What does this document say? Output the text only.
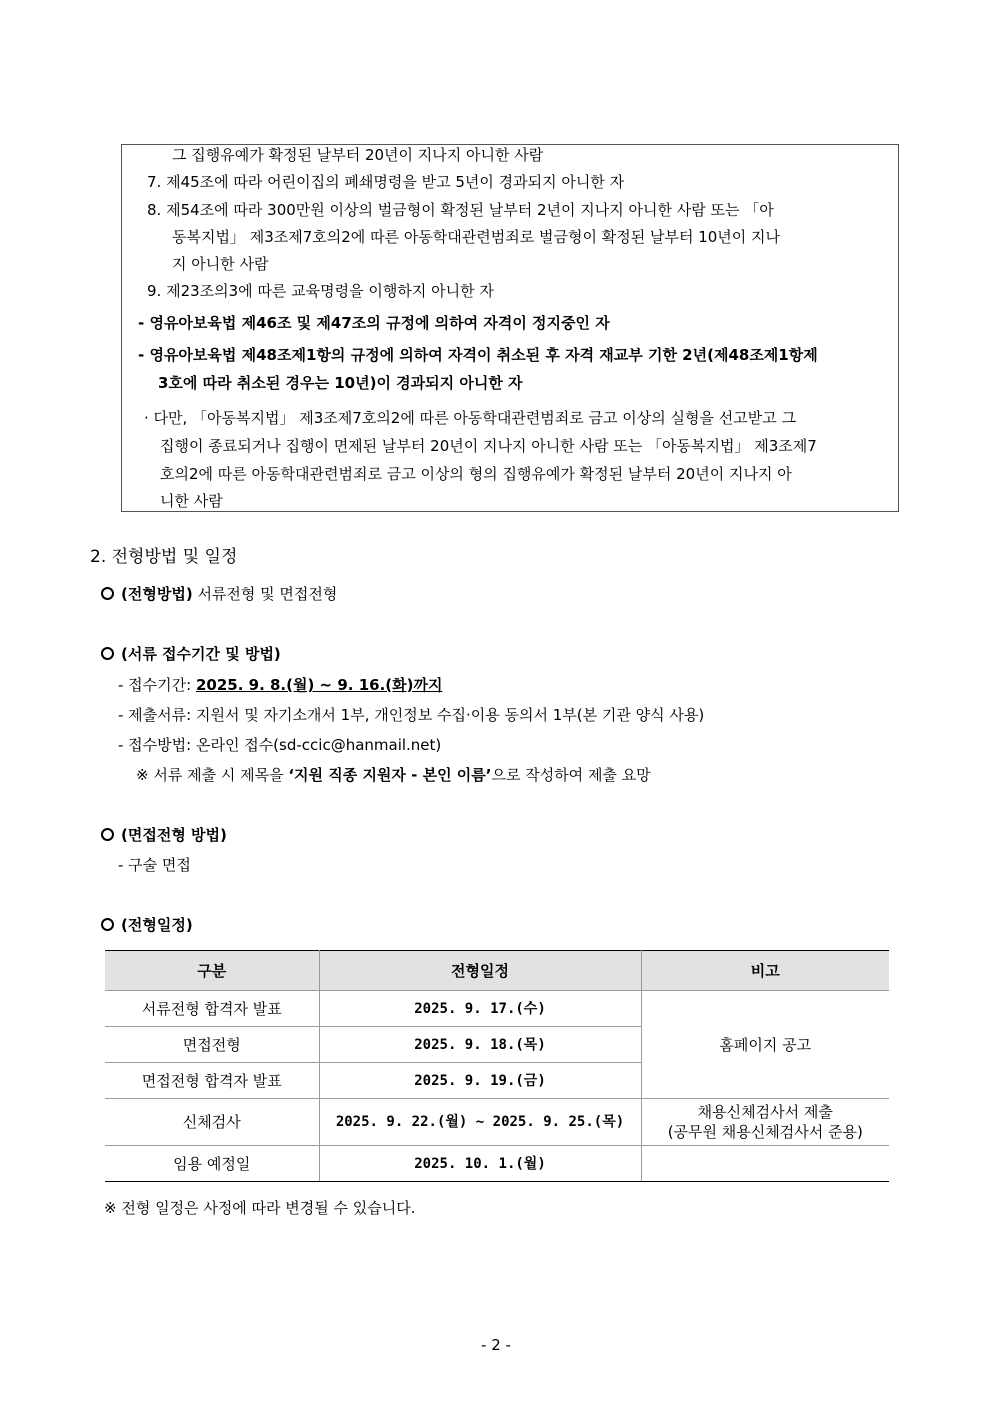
그 집행유예가 확정된 날부터 20년이 지나지 아니한 사람
7. 제45조에 따라 어린이집의 폐쇄명령을 받고 5년이 경과되지 아니한 자
8. 제54조에 따라 300만원 이상의 벌금형이 확정된 날부터 2년이 지나지 아니한 사람 또는 「아
동복지법」 제3조제7호의2에 따른 아동학대관련범죄로 벌금형이 확정된 날부터 10년이 지나
지 아니한 사람
9. 제23조의3에 따른 교육명령을 이행하지 아니한 자
- 영유아보육법 제46조 및 제47조의 규정에 의하여 자격이 정지중인 자
- 영유아보육법 제48조제1항의 규정에 의하여 자격이 취소된 후 자격 재교부 기한 2년(제48조제1항제
3호에 따라 취소된 경우는 10년)이 경과되지 아니한 자
· 다만, 「아동복지법」 제3조제7호의2에 따른 아동학대관련범죄로 금고 이상의 실형을 선고받고 그
집행이 종료되거나 집행이 면제된 날부터 20년이 지나지 아니한 사람 또는 「아동복지법」 제3조제7
호의2에 따른 아동학대관련범죄로 금고 이상의 형의 집행유예가 확정된 날부터 20년이 지나지 아
니한 사람
2. 전형방법 및 일정
(전형방법) 서류전형 및 면접전형
(서류 접수기간 및 방법)
- 접수기간: 2025. 9. 8.(월) ~ 9. 16.(화)까지
- 제출서류: 지원서 및 자기소개서 1부, 개인정보 수집·이용 동의서 1부(본 기관 양식 사용)
- 접수방법: 온라인 접수(sd-ccic@hanmail.net)
※ 서류 제출 시 제목을 ‘지원 직종 지원자 - 본인 이름’으로 작성하여 제출 요망
(면접전형 방법)
- 구술 면접
(전형일정)
구분	전형일정	비고
서류전형 합격자 발표	2025. 9. 17.(수)	홈페이지 공고
면접전형	2025. 9. 18.(목)	
면접전형 합격자 발표	2025. 9. 19.(금)	
신체검사	2025. 9. 22.(월) ~ 2025. 9. 25.(목)	채용신체검사서 제출
(공무원 채용신체검사서 준용)

임용 예정일	2025. 10. 1.(월)	
※ 전형 일정은 사정에 따라 변경될 수 있습니다.
- 2 -
